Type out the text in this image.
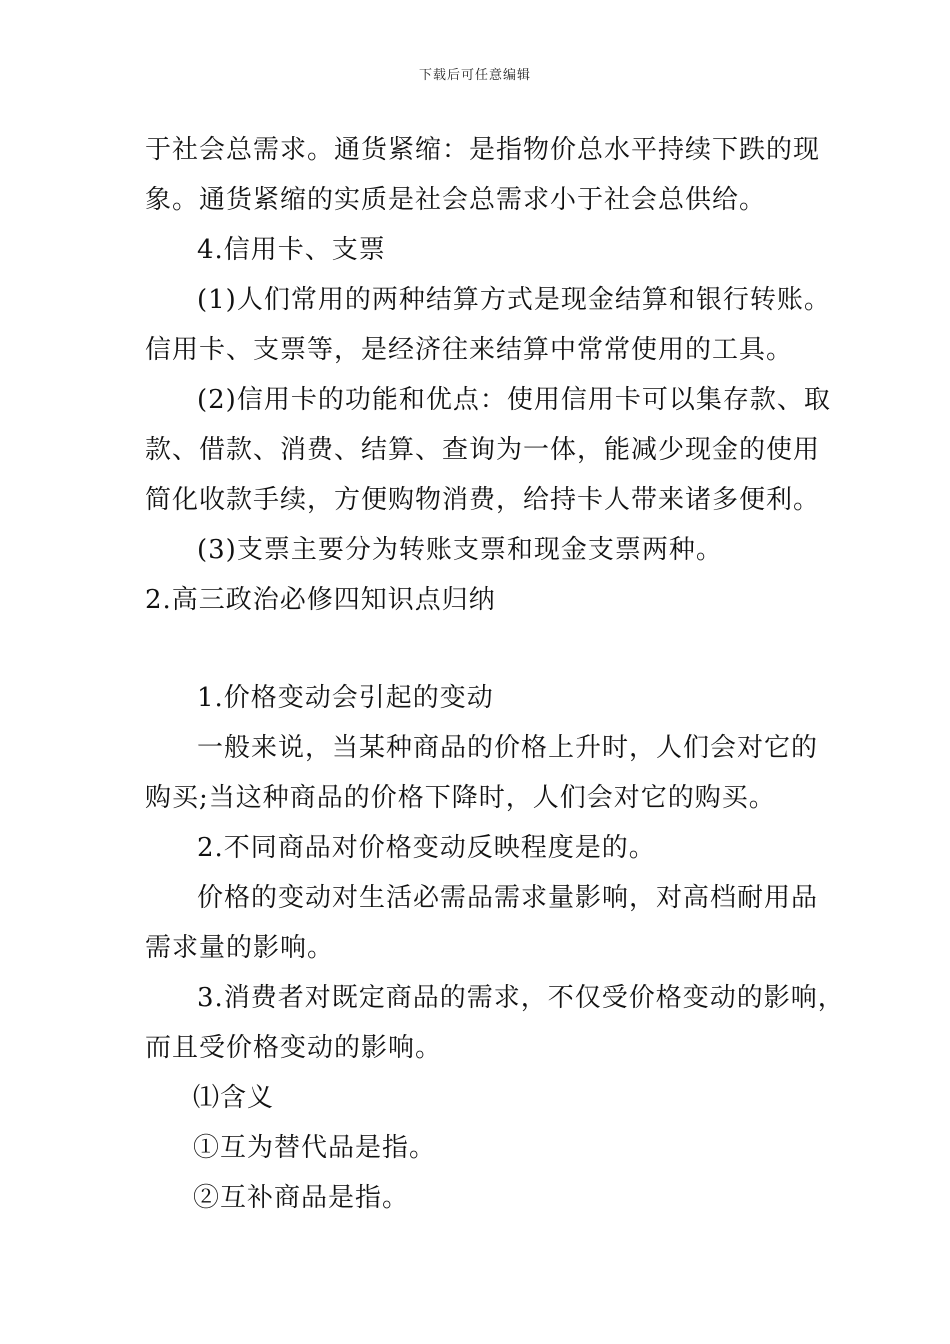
下载后可任意编辑
于社会总需求。通货紧缩：是指物价总水平持续下跌的现
象。通货紧缩的实质是社会总需求小于社会总供给。
4.信用卡、支票
(1)人们常用的两种结算方式是现金结算和银行转账。
信用卡、支票等，是经济往来结算中常常使用的工具。
(2)信用卡的功能和优点：使用信用卡可以集存款、取
款、借款、消费、结算、查询为一体，能减少现金的使用
简化收款手续，方便购物消费，给持卡人带来诸多便利。
(3)支票主要分为转账支票和现金支票两种。
2.高三政治必修四知识点归纳
1.价格变动会引起的变动
一般来说，当某种商品的价格上升时，人们会对它的
购买;当这种商品的价格下降时，人们会对它的购买。
2.不同商品对价格变动反映程度是的。
价格的变动对生活必需品需求量影响，对高档耐用品
需求量的影响。
3.消费者对既定商品的需求，不仅受价格变动的影响，
而且受价格变动的影响。
⑴含义
①互为替代品是指。
②互补商品是指。
